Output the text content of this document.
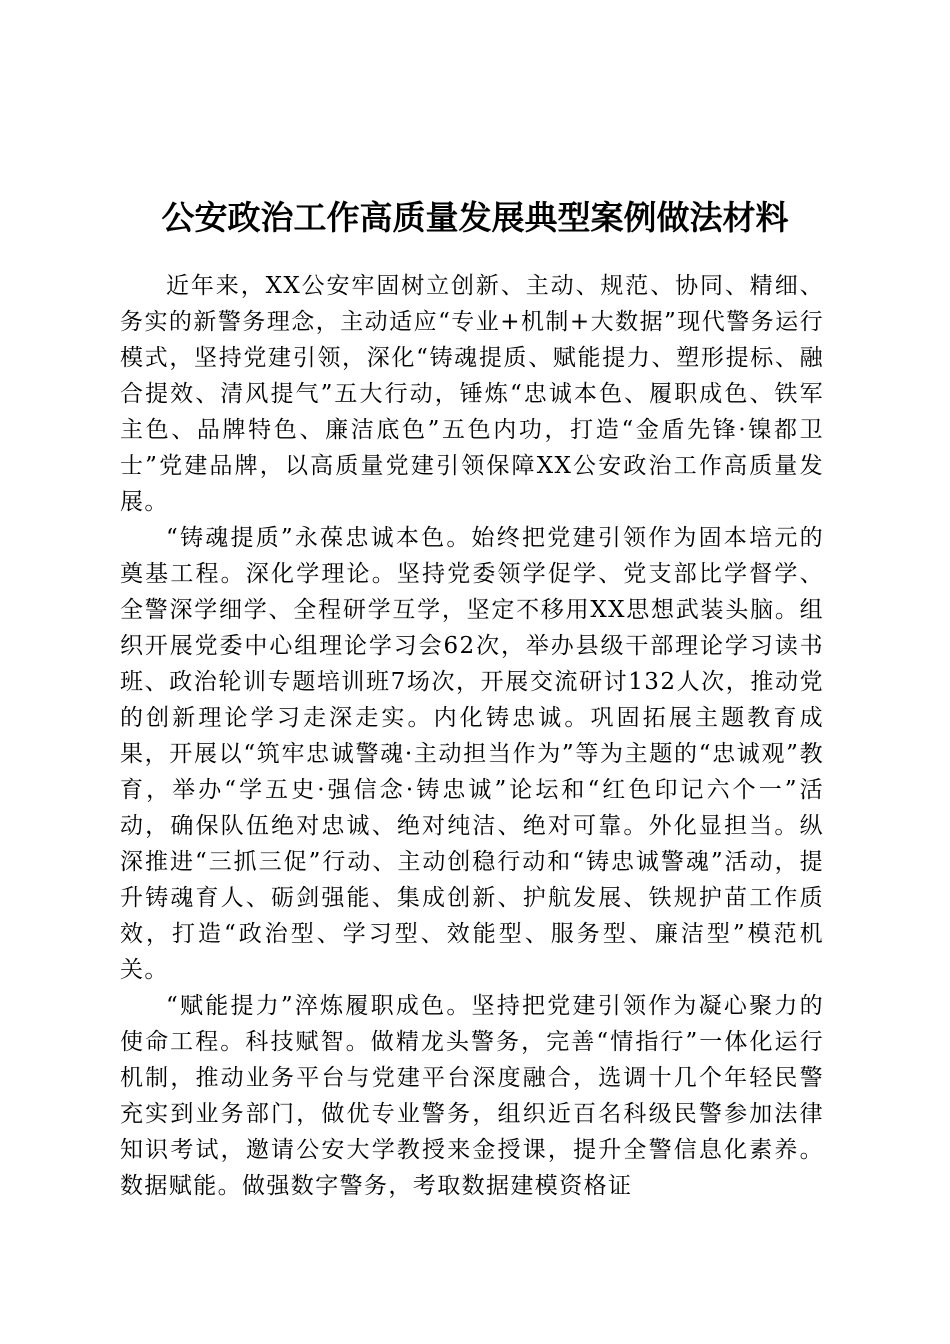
公安政治工作高质量发展典型案例做法材料

近年来，XX公安牢固树立创新、主动、规范、协同、精细、务实的新警务理念，主动适应“专业+机制+大数据”现代警务运行模式，坚持党建引领，深化“铸魂提质、赋能提力、塑形提标、融合提效、清风提气”五大行动，锤炼“忠诚本色、履职成色、铁军主色、品牌特色、廉洁底色”五色内功，打造“金盾先锋·镍都卫士”党建品牌，以高质量党建引领保障XX公安政治工作高质量发展。

“铸魂提质”永葆忠诚本色。始终把党建引领作为固本培元的奠基工程。深化学理论。坚持党委领学促学、党支部比学督学、全警深学细学、全程研学互学，坚定不移用XX思想武装头脑。组织开展党委中心组理论学习会62次，举办县级干部理论学习读书班、政治轮训专题培训班7场次，开展交流研讨132人次，推动党的创新理论学习走深走实。内化铸忠诚。巩固拓展主题教育成果，开展以“筑牢忠诚警魂·主动担当作为”等为主题的“忠诚观”教育，举办“学五史·强信念·铸忠诚”论坛和“红色印记六个一”活动，确保队伍绝对忠诚、绝对纯洁、绝对可靠。外化显担当。纵深推进“三抓三促”行动、主动创稳行动和“铸忠诚警魂”活动，提升铸魂育人、砺剑强能、集成创新、护航发展、铁规护苗工作质效，打造“政治型、学习型、效能型、服务型、廉洁型”模范机关。

“赋能提力”淬炼履职成色。坚持把党建引领作为凝心聚力的使命工程。科技赋智。做精龙头警务，完善“情指行”一体化运行机制，推动业务平台与党建平台深度融合，选调十几个年轻民警充实到业务部门，做优专业警务，组织近百名科级民警参加法律知识考试，邀请公安大学教授来金授课，提升全警信息化素养。数据赋能。做强数字警务，考取数据建模资格证
